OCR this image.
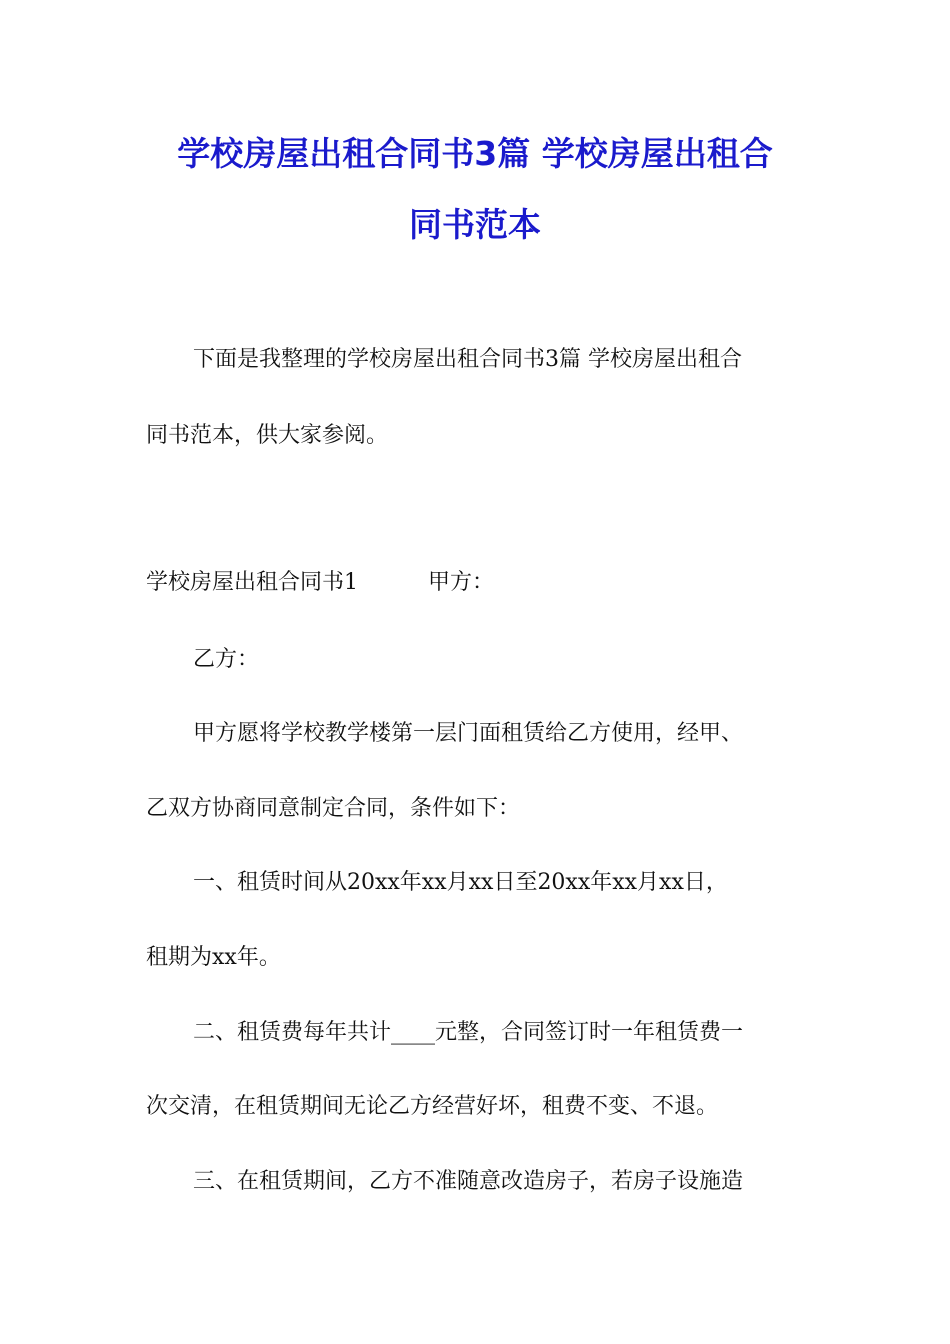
学校房屋出租合同书3篇 学校房屋出租合
同书范本
下面是我整理的学校房屋出租合同书3篇 学校房屋出租合
同书范本，供大家参阅。
学校房屋出租合同书1	甲方：
乙方：
甲方愿将学校教学楼第一层门面租赁给乙方使用，经甲、
乙双方协商同意制定合同，条件如下：
一、租赁时间从20xx年xx月xx日至20xx年xx月xx日，
租期为xx年。
二、租赁费每年共计____元整，合同签订时一年租赁费一
次交清，在租赁期间无论乙方经营好坏，租费不变、不退。
三、在租赁期间，乙方不准随意改造房子，若房子设施造
